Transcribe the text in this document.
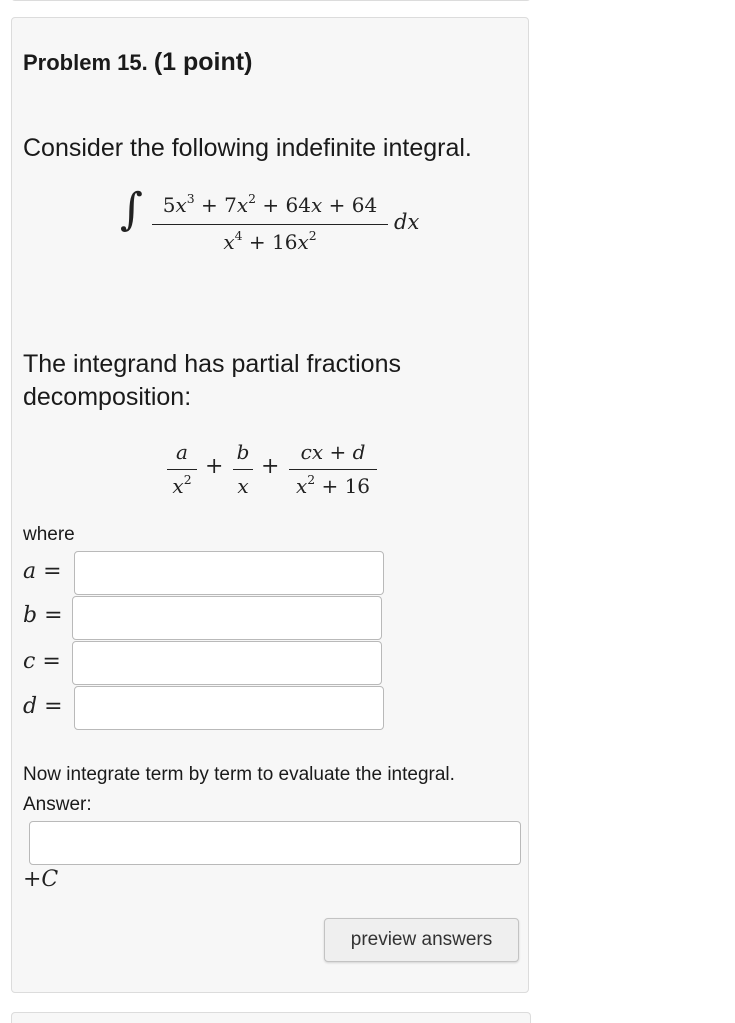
Problem 15. (1 point)
Consider the following indefinite integral.
∫ $5x^3 + 7x^2 + 64x + 64$
$x^4 + 16x^2$
dx
The integrand has partial fractions decomposition:
a
$x^2$
+
b
x
+
cx + d
$x^2 + 16$
where
a =
b =
c =
d =
Now integrate term by term to evaluate the integral.
Answer:
+C
preview answers
